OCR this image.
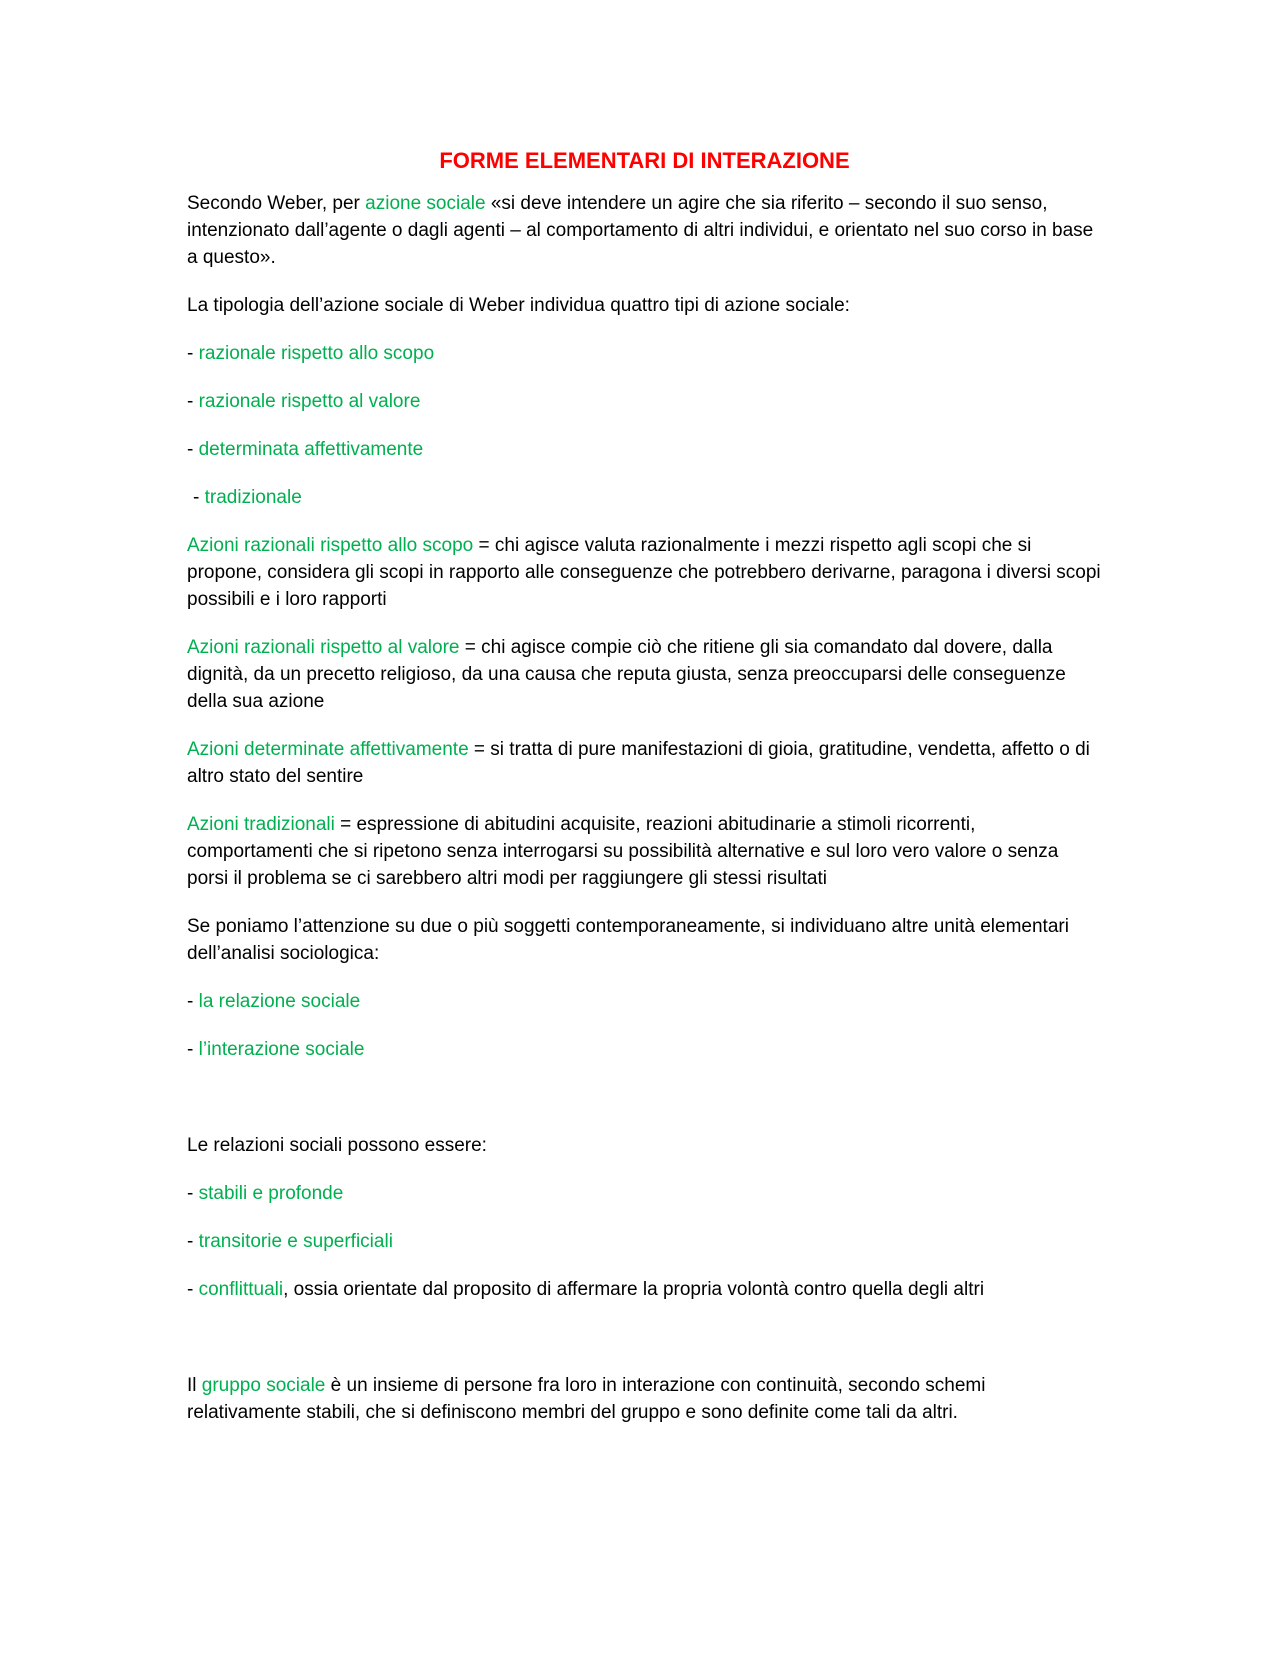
FORME ELEMENTARI DI INTERAZIONE
Secondo Weber, per azione sociale «si deve intendere un agire che sia riferito – secondo il suo senso, intenzionato dall’agente o dagli agenti – al comportamento di altri individui, e orientato nel suo corso in base a questo».
La tipologia dell’azione sociale di Weber individua quattro tipi di azione sociale:
- razionale rispetto allo scopo
- razionale rispetto al valore
- determinata affettivamente
- tradizionale
Azioni razionali rispetto allo scopo = chi agisce valuta razionalmente i mezzi rispetto agli scopi che si propone, considera gli scopi in rapporto alle conseguenze che potrebbero derivarne, paragona i diversi scopi possibili e i loro rapporti
Azioni razionali rispetto al valore = chi agisce compie ciò che ritiene gli sia comandato dal dovere, dalla dignità, da un precetto religioso, da una causa che reputa giusta, senza preoccuparsi delle conseguenze della sua azione
Azioni determinate affettivamente = si tratta di pure manifestazioni di gioia, gratitudine, vendetta, affetto o di altro stato del sentire
Azioni tradizionali = espressione di abitudini acquisite, reazioni abitudinarie a stimoli ricorrenti, comportamenti che si ripetono senza interrogarsi su possibilità alternative e sul loro vero valore o senza porsi il problema se ci sarebbero altri modi per raggiungere gli stessi risultati
Se poniamo l’attenzione su due o più soggetti contemporaneamente, si individuano altre unità elementari dell’analisi sociologica:
- la relazione sociale
- l’interazione sociale
Le relazioni sociali possono essere:
- stabili e profonde
- transitorie e superficiali
- conflittuali, ossia orientate dal proposito di affermare la propria volontà contro quella degli altri
Il gruppo sociale è un insieme di persone fra loro in interazione con continuità, secondo schemi relativamente stabili, che si definiscono membri del gruppo e sono definite come tali da altri.
